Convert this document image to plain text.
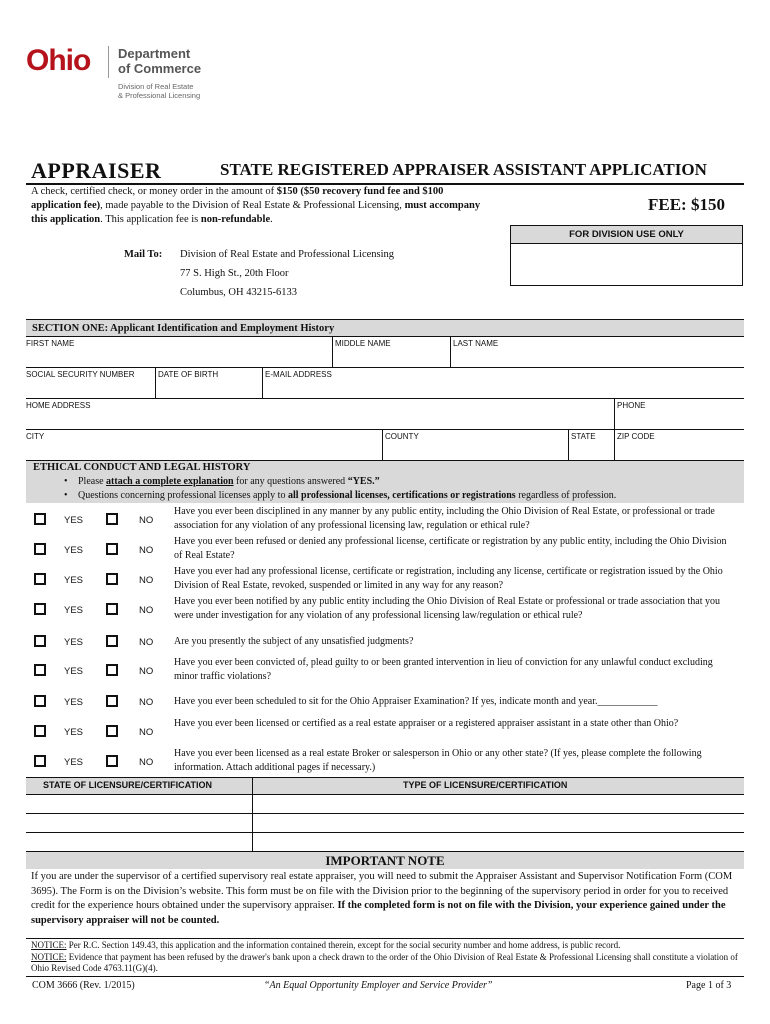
Ohio Department
of Commerce
Division of Real Estate
& Professional Licensing
APPRAISER	STATE REGISTERED APPRAISER ASSISTANT APPLICATION
A check, certified check, or money order in the amount of $150 ($50 recovery fund fee and $100 application fee), made payable to the Division of Real Estate & Professional Licensing, must accompany this application. This application fee is non-refundable.
FEE: $150
FOR DIVISION USE ONLY
Mail To: Division of Real Estate and Professional Licensing
77 S. High St., 20th Floor
Columbus, OH 43215-6133
SECTION ONE: Applicant Identification and Employment History
FIRST NAME	MIDDLE NAME	LAST NAME
SOCIAL SECURITY NUMBER	DATE OF BIRTH	E-MAIL ADDRESS
HOME ADDRESS	PHONE
CITY	COUNTY	STATE	ZIP CODE
ETHICAL CONDUCT AND LEGAL HISTORY
• Please attach a complete explanation for any questions answered “YES.”
• Questions concerning professional licenses apply to all professional licenses, certifications or registrations regardless of profession.
YES	NO
Have you ever been disciplined in any manner by any public entity, including the Ohio Division of Real Estate, or professional or trade association for any violation of any professional licensing law, regulation or ethical rule?
YES	NO
Have you ever been refused or denied any professional license, certificate or registration by any public entity, including the Ohio Division of Real Estate?
YES	NO
Have you ever had any professional license, certificate or registration, including any license, certificate or registration issued by the Ohio Division of Real Estate, revoked, suspended or limited in any way for any reason?
YES	NO
Have you ever been notified by any public entity including the Ohio Division of Real Estate or professional or trade association that you were under investigation for any violation of any professional licensing law/regulation or ethical rule?
YES	NO Are you presently the subject of any unsatisfied judgments?
YES	NO
Have you ever been convicted of, plead guilty to or been granted intervention in lieu of conviction for any unlawful conduct excluding minor traffic violations?
YES	NO Have you ever been scheduled to sit for the Ohio Appraiser Examination? If yes, indicate month and year.____________
YES	NO
Have you ever been licensed or certified as a real estate appraiser or a registered appraiser assistant in a state other than Ohio?
YES	NO
Have you ever been licensed as a real estate Broker or salesperson in Ohio or any other state? (If yes, please complete the following information. Attach additional pages if necessary.)
STATE OF LICENSURE/CERTIFICATION	TYPE OF LICENSURE/CERTIFICATION
IMPORTANT NOTE
If you are under the supervisor of a certified supervisory real estate appraiser, you will need to submit the Appraiser Assistant and Supervisor Notification Form (COM 3695). The Form is on the Division’s website. This form must be on file with the Division prior to the beginning of the supervisory period in order for you to received credit for the experience hours obtained under the supervisory appraiser. If the completed form is not on file with the Division, your experience gained under the supervisory appraiser will not be counted.
NOTICE: Per R.C. Section 149.43, this application and the information contained therein, except for the social security number and home address, is public record.
NOTICE: Evidence that payment has been refused by the drawer's bank upon a check drawn to the order of the Ohio Division of Real Estate & Professional Licensing shall constitute a violation of Ohio Revised Code 4763.11(G)(4).
COM 3666 (Rev. 1/2015)	“An Equal Opportunity Employer and Service Provider”	Page 1 of 3
